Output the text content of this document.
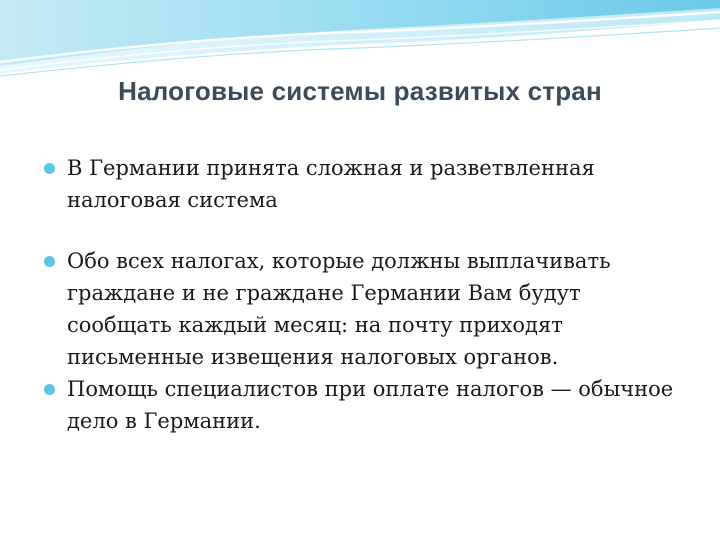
Налоговые системы развитых стран
В Германии принята сложная и разветвленная налоговая система
Обо всех налогах, которые должны выплачивать граждане и не граждане Германии Вам будут сообщать каждый месяц: на почту приходят письменные извещения налоговых органов.
Помощь специалистов при оплате налогов — обычное дело в Германии.
